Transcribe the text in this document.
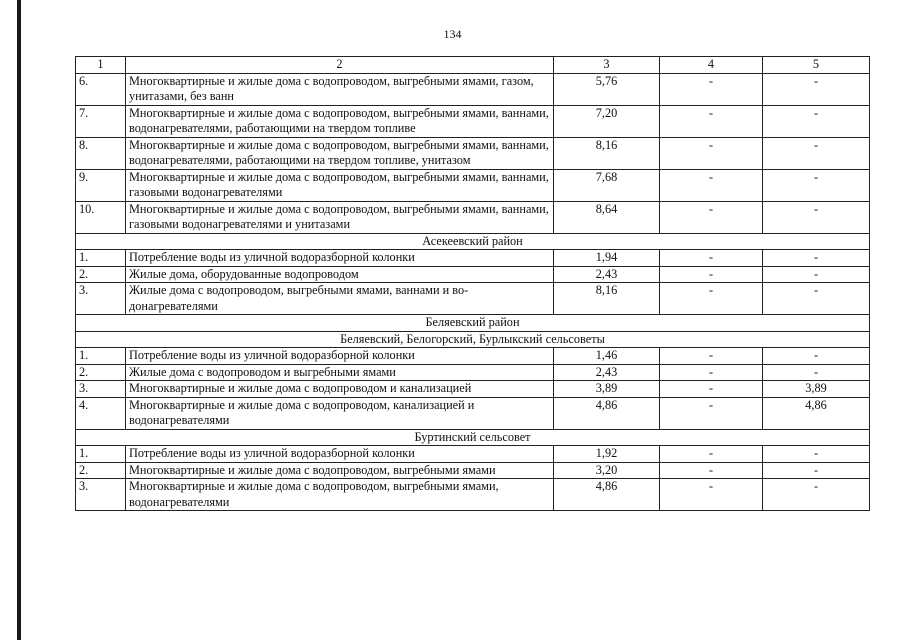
134
1	2	3	4	5
6.	Многоквартирные и жилые дома с водопроводом, выгребными ямами, газом, унитазами, без ванн	5,76	-	-
7.	Многоквартирные и жилые дома с водопроводом, выгребными ямами, ваннами, водонагревателями, работающими на твердом топливе	7,20	-	-
8.	Многоквартирные и жилые дома с водопроводом, выгребными ямами, ваннами, водонагревателями, работающими на твердом топливе, унитазом	8,16	-	-
9.	Многоквартирные и жилые дома с водопроводом, выгребными ямами, ваннами, газовыми водонагревателями	7,68	-	-
10.	Многоквартирные и жилые дома с водопроводом, выгребными ямами, ваннами, газовыми водонагревателями и унитазами	8,64	-	-
Асекеевский район				
1.	Потребление воды из уличной водоразборной колонки	1,94	-	-
2.	Жилые дома, оборудованные водопроводом	2,43	-	-
3.	Жилые дома с водопроводом, выгребными ямами, ваннами и во-донагревателями	8,16	-	-
Беляевский район				
Беляевский, Белогорский, Бурлыкский сельсоветы				
1.	Потребление воды из уличной водоразборной колонки	1,46	-	-
2.	Жилые дома с водопроводом и выгребными ямами	2,43	-	-
3.	Многоквартирные и жилые дома с водопроводом и канализацией	3,89	-	3,89
4.	Многоквартирные и жилые дома с водопроводом, канализацией и водонагревателями	4,86	-	4,86
Буртинский сельсовет				
1.	Потребление воды из уличной водоразборной колонки	1,92	-	-
2.	Многоквартирные и жилые дома с водопроводом, выгребными ямами	3,20	-	-
3.	Многоквартирные и жилые дома с водопроводом, выгребными ямами, водонагревателями	4,86	-	-
